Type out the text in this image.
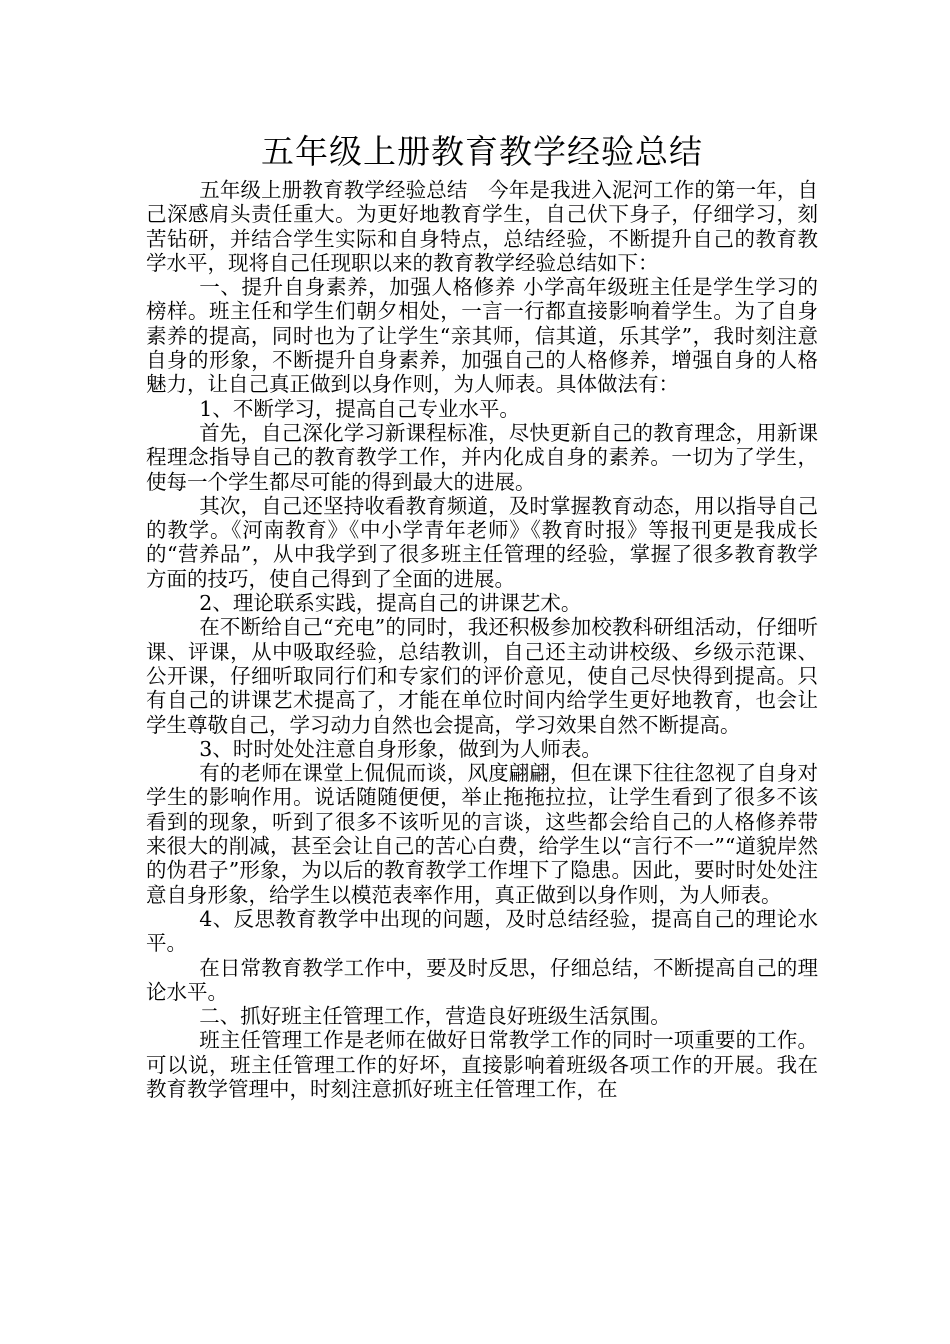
五年级上册教育教学经验总结

五年级上册教育教学经验总结　今年是我进入泥河工作的第一年，自己深感肩头责任重大。为更好地教育学生，自己伏下身子，仔细学习，刻苦钻研，并结合学生实际和自身特点，总结经验，不断提升自己的教育教学水平，现将自己任现职以来的教育教学经验总结如下：

一、提升自身素养，加强人格修养 小学高年级班主任是学生学习的榜样。班主任和学生们朝夕相处，一言一行都直接影响着学生。为了自身素养的提高，同时也为了让学生“亲其师，信其道，乐其学”，我时刻注意自身的形象，不断提升自身素养，加强自己的人格修养，增强自身的人格魅力，让自己真正做到以身作则，为人师表。具体做法有：

1、不断学习，提高自己专业水平。

首先，自己深化学习新课程标准，尽快更新自己的教育理念，用新课程理念指导自己的教育教学工作，并内化成自身的素养。一切为了学生，使每一个学生都尽可能的得到最大的进展。

其次，自己还坚持收看教育频道，及时掌握教育动态，用以指导自己的教学。《河南教育》《中小学青年老师》《教育时报》等报刊更是我成长的“营养品”，从中我学到了很多班主任管理的经验，掌握了很多教育教学方面的技巧，使自己得到了全面的进展。

2、理论联系实践，提高自己的讲课艺术。

在不断给自己“充电”的同时，我还积极参加校教科研组活动，仔细听课、评课，从中吸取经验，总结教训，自己还主动讲校级、乡级示范课、公开课，仔细听取同行们和专家们的评价意见，使自己尽快得到提高。只有自己的讲课艺术提高了，才能在单位时间内给学生更好地教育，也会让学生尊敬自己，学习动力自然也会提高，学习效果自然不断提高。

3、时时处处注意自身形象，做到为人师表。

有的老师在课堂上侃侃而谈，风度翩翩，但在课下往往忽视了自身对学生的影响作用。说话随随便便，举止拖拖拉拉，让学生看到了很多不该看到的现象，听到了很多不该听见的言谈，这些都会给自己的人格修养带来很大的削减，甚至会让自己的苦心白费，给学生以“言行不一”“道貌岸然的伪君子”形象，为以后的教育教学工作埋下了隐患。因此，要时时处处注意自身形象，给学生以模范表率作用，真正做到以身作则，为人师表。

4、反思教育教学中出现的问题，及时总结经验，提高自己的理论水平。

在日常教育教学工作中，要及时反思，仔细总结，不断提高自己的理论水平。

二、抓好班主任管理工作，营造良好班级生活氛围。

班主任管理工作是老师在做好日常教学工作的同时一项重要的工作。可以说，班主任管理工作的好坏，直接影响着班级各项工作的开展。我在教育教学管理中，时刻注意抓好班主任管理工作，在
